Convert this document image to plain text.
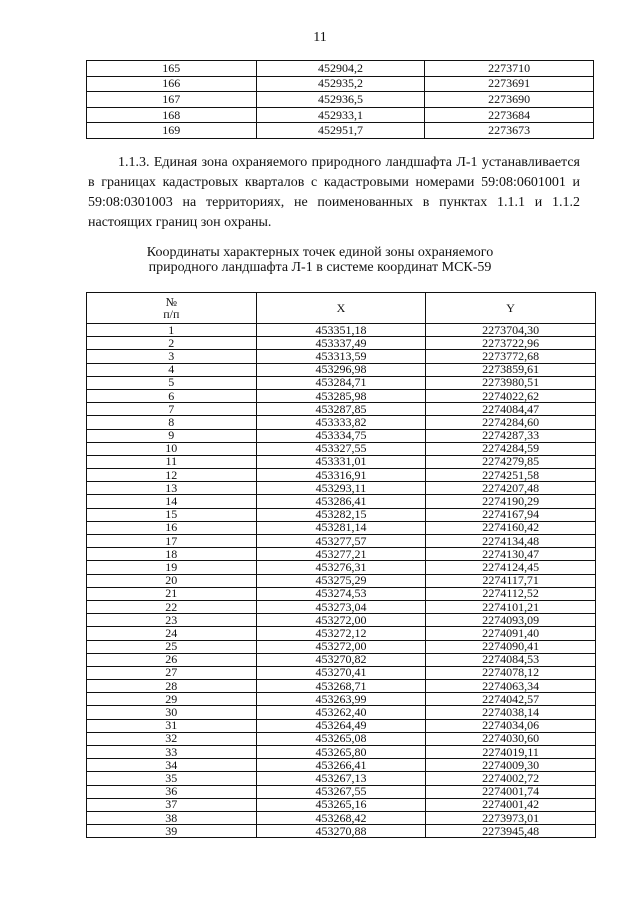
11
165	452904,2	2273710
166	452935,2	2273691
167	452936,5	2273690
168	452933,1	2273684
169	452951,7	2273673
1.1.3. Единая зона охраняемого природного ландшафта Л-1 устанавливается в границах кадастровых кварталов с кадастровыми номерами 59:08:0601001 и 59:08:0301003 на территориях, не поименованных в пунктах 1.1.1 и 1.1.2 настоящих границ зон охраны.
Координаты характерных точек единой зоны охраняемого
природного ландшафта Л-1 в системе координат МСК-59
№
п/п	X	Y
1	453351,18	2273704,30
2	453337,49	2273722,96
3	453313,59	2273772,68
4	453296,98	2273859,61
5	453284,71	2273980,51
6	453285,98	2274022,62
7	453287,85	2274084,47
8	453333,82	2274284,60
9	453334,75	2274287,33
10	453327,55	2274284,59
11	453331,01	2274279,85
12	453316,91	2274251,58
13	453293,11	2274207,48
14	453286,41	2274190,29
15	453282,15	2274167,94
16	453281,14	2274160,42
17	453277,57	2274134,48
18	453277,21	2274130,47
19	453276,31	2274124,45
20	453275,29	2274117,71
21	453274,53	2274112,52
22	453273,04	2274101,21
23	453272,00	2274093,09
24	453272,12	2274091,40
25	453272,00	2274090,41
26	453270,82	2274084,53
27	453270,41	2274078,12
28	453268,71	2274063,34
29	453263,99	2274042,57
30	453262,40	2274038,14
31	453264,49	2274034,06
32	453265,08	2274030,60
33	453265,80	2274019,11
34	453266,41	2274009,30
35	453267,13	2274002,72
36	453267,55	2274001,74
37	453265,16	2274001,42
38	453268,42	2273973,01
39	453270,88	2273945,48
